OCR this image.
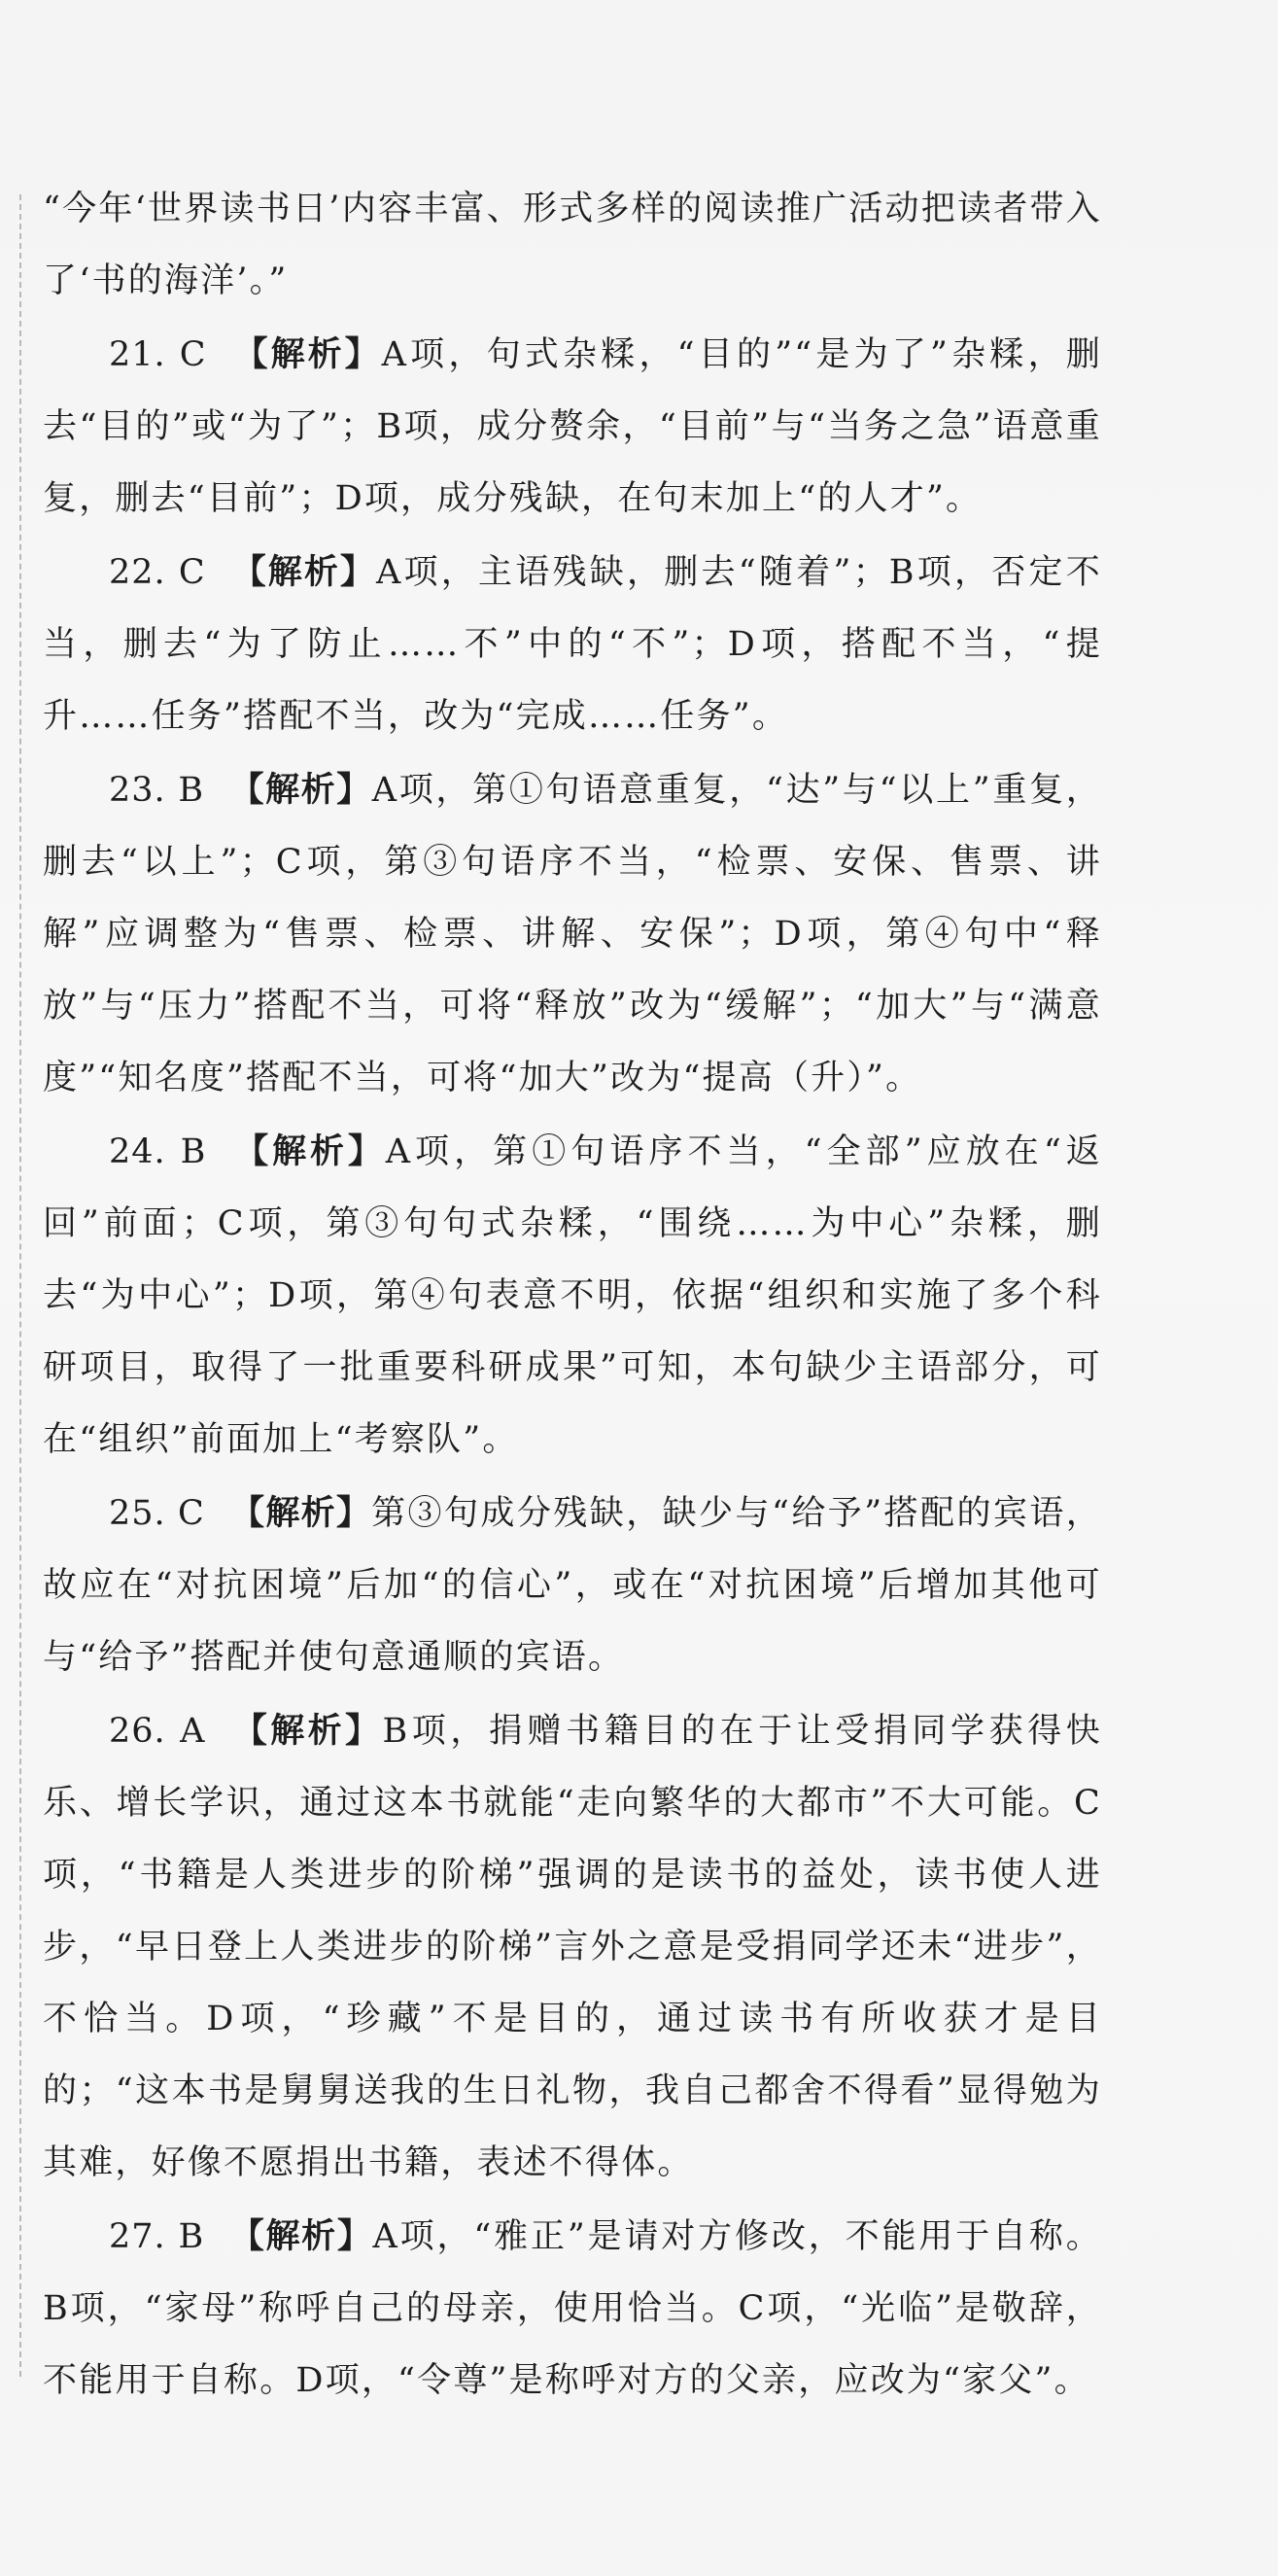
“今年‘世界读书日’内容丰富、形式多样的阅读推广活动把读者带入了‘书的海洋’。”

21. C 【解析】A项，句式杂糅，“目的”“是为了”杂糅，删去“目的”或“为了”；B项，成分赘余，“目前”与“当务之急”语意重复，删去“目前”；D项，成分残缺，在句末加上“的人才”。

22. C 【解析】A项，主语残缺，删去“随着”；B项，否定不当，删去“为了防止……不”中的“不”；D项，搭配不当，“提升……任务”搭配不当，改为“完成……任务”。

23. B 【解析】A项，第①句语意重复，“达”与“以上”重复，删去“以上”；C项，第③句语序不当，“检票、安保、售票、讲解”应调整为“售票、检票、讲解、安保”；D项，第④句中“释放”与“压力”搭配不当，可将“释放”改为“缓解”；“加大”与“满意度”“知名度”搭配不当，可将“加大”改为“提高（升）”。

24. B 【解析】A项，第①句语序不当，“全部”应放在“返回”前面；C项，第③句句式杂糅，“围绕……为中心”杂糅，删去“为中心”；D项，第④句表意不明，依据“组织和实施了多个科研项目，取得了一批重要科研成果”可知，本句缺少主语部分，可在“组织”前面加上“考察队”。

25. C 【解析】第③句成分残缺，缺少与“给予”搭配的宾语，故应在“对抗困境”后加“的信心”，或在“对抗困境”后增加其他可与“给予”搭配并使句意通顺的宾语。

26. A 【解析】B项，捐赠书籍目的在于让受捐同学获得快乐、增长学识，通过这本书就能“走向繁华的大都市”不大可能。C项，“书籍是人类进步的阶梯”强调的是读书的益处，读书使人进步，“早日登上人类进步的阶梯”言外之意是受捐同学还未“进步”，不恰当。D项，“珍藏”不是目的，通过读书有所收获才是目的；“这本书是舅舅送我的生日礼物，我自己都舍不得看”显得勉为其难，好像不愿捐出书籍，表述不得体。

27. B 【解析】A项，“雅正”是请对方修改，不能用于自称。B项，“家母”称呼自己的母亲，使用恰当。C项，“光临”是敬辞，不能用于自称。D项，“令尊”是称呼对方的父亲，应改为“家父”。
